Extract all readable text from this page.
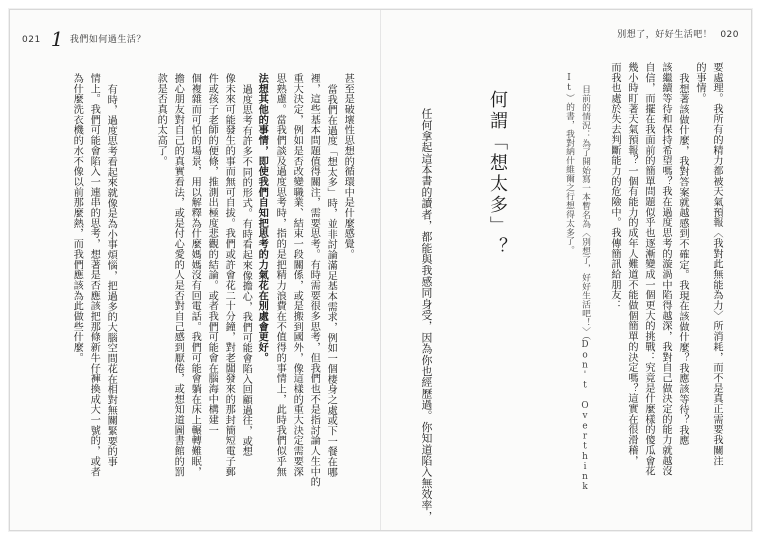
021 1 我們如何過生活？	別想了，好好生活吧！ 020
要處理。我所有的精力都被天氣預報〈我對此無能為力〉所消耗，而不是真正需要我關注
的事情。
我想著該做什麼，我對答案就越感到不確定。我現在該做什麼？我應該等待？我應
該繼續等待和保持希望嗎？我在過度思考的漩渦中陷得越深，我對自己做決定的能力就越沒
自信，而擺在我面前的簡單問題似乎也逐漸變成一個更大的挑戰：究竟是什麼樣的傻瓜會花
幾小時盯著天氣預報？一個有能力的成年人難道不能做個簡單的決定嗎？這實在很滑稽，
而我也處於失去判斷能力的危險中。我傳簡訊給朋友：
目前的情況：為了開始寫一本暫名為〈別想了，好好生活吧！〉（Don't Overthink
It）的書，我對納什維爾之行想得太多了。
何謂「想太多」？
任何拿起這本書的讀者，都能與我感同身受，因為你也經歷過。你知道陷入無效率，
甚至是破壞性思想的循環中是什麼感覺。
當我們在過度「想太多」時，並非討論滿足基本需求，例如一個棲身之處或下一餐在哪
裡，這些基本問題值得關注，需要思考。有時需要很多思考，但我們也不是指討論人生中的
重大決定，例如是否改變職業、結束一段關係，或是搬到國外，像這樣的重大決定需要深
思熟慮。當我們談及過度思考時，指的是把精力浪費在不值得的事情上，此時我們似乎無
法想其他的事情，即使我們自知把思考的力氣花在別處會更好。
過度思考有許多不同的形式。有時看起來像擔心，我們可能會陷入回顧過往，或想
像未來可能發生的事而無可自拔。我們或許會花二十分鐘，對老闆發來的那封簡短電子郵
件或孩子老師的便條，推測出極度悲觀的結論。或者我們可能會在腦海中構建一
個複雜而可怕的場景，用以解釋為什麼媽媽沒有回電話。我們可能會躺在床上輾轉難眠，
擔心朋友對自己的真實看法，或是付心愛的人是否對自己感到厭倦，或想知道圖書館的罰
款是否真的太高了。
有時，過度思考看起來就像是為小事煩惱，把過多的大腦空間花在相對無關緊要的事
情上。我們可能會陷入一連串的思考，想著是否應該把那條新牛仔褲換成大一號的，或者
為什麼洗衣機的水不像以前那麼熱，而我們應該為此做些什麼。
